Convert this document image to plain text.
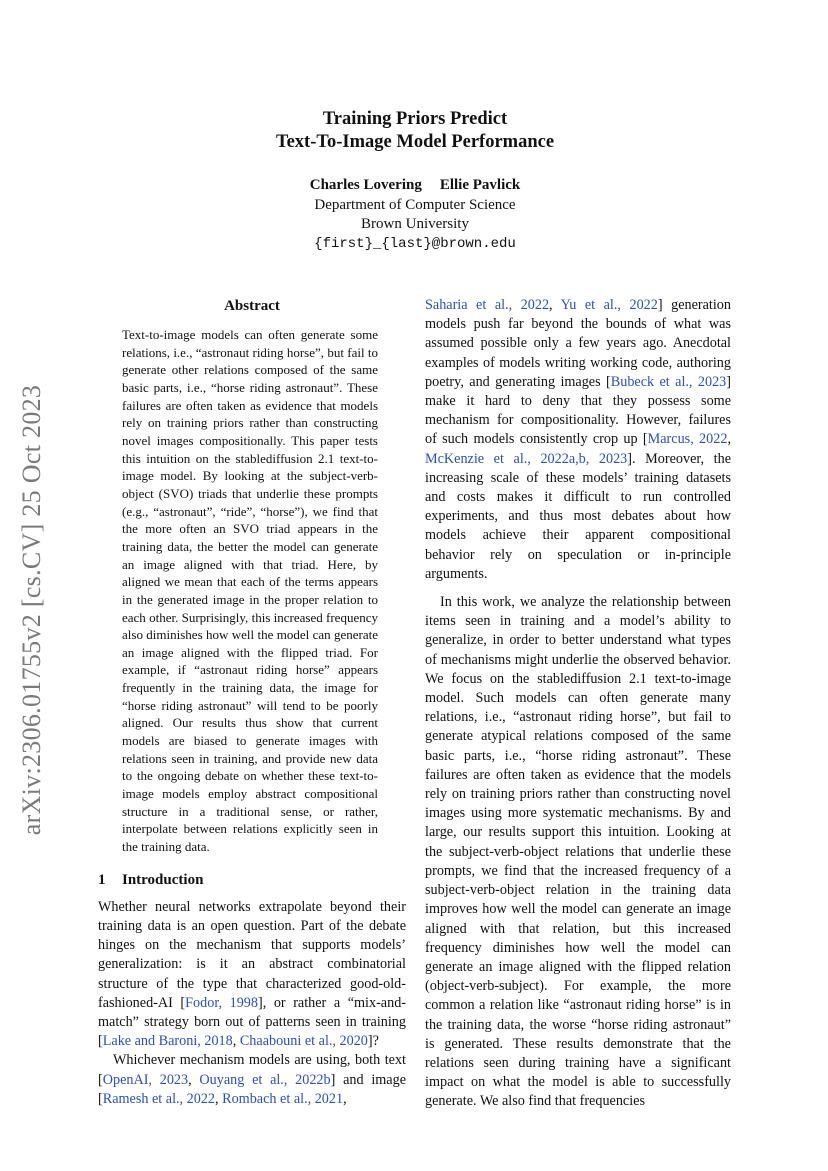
arXiv:2306.01755v2 [cs.CV] 25 Oct 2023
Training Priors Predict
Text-To-Image Model Performance
Charles Lovering Ellie Pavlick
Department of Computer Science
Brown University
{first}_{last}@brown.edu
Abstract

Text-to-image models can often generate some relations, i.e., “astronaut riding horse”, but fail to generate other relations composed of the same basic parts, i.e., “horse riding astronaut”. These failures are often taken as evidence that models rely on training priors rather than constructing novel images compositionally. This paper tests this intuition on the stablediffusion 2.1 text-to-image model. By looking at the subject-verb-object (SVO) triads that underlie these prompts (e.g., “astronaut”, “ride”, “horse”), we find that the more often an SVO triad appears in the training data, the better the model can generate an image aligned with that triad. Here, by aligned we mean that each of the terms appears in the generated image in the proper relation to each other. Surprisingly, this increased frequency also diminishes how well the model can generate an image aligned with the flipped triad. For example, if “astronaut riding horse” appears frequently in the training data, the image for “horse riding astronaut” will tend to be poorly aligned. Our results thus show that current models are biased to generate images with relations seen in training, and provide new data to the ongoing debate on whether these text-to-image models employ abstract compositional structure in a traditional sense, or rather, interpolate between relations explicitly seen in the training data.

1 Introduction

Whether neural networks extrapolate beyond their training data is an open question. Part of the debate hinges on the mechanism that supports models’ generalization: is it an abstract combinatorial structure of the type that characterized good-old-fashioned-AI [Fodor, 1998], or rather a “mix-and-match” strategy born out of patterns seen in training [Lake and Baroni, 2018, Chaabouni et al., 2020]?

Whichever mechanism models are using, both text [OpenAI, 2023, Ouyang et al., 2022b] and image [Ramesh et al., 2022, Rombach et al., 2021,

Saharia et al., 2022, Yu et al., 2022] generation models push far beyond the bounds of what was assumed possible only a few years ago. Anecdotal examples of models writing working code, authoring poetry, and generating images [Bubeck et al., 2023] make it hard to deny that they possess some mechanism for compositionality. However, failures of such models consistently crop up [Marcus, 2022, McKenzie et al., 2022a,b, 2023]. Moreover, the increasing scale of these models’ training datasets and costs makes it difficult to run controlled experiments, and thus most debates about how models achieve their apparent compositional behavior rely on speculation or in-principle arguments.

In this work, we analyze the relationship between items seen in training and a model’s ability to generalize, in order to better understand what types of mechanisms might underlie the observed behavior. We focus on the stablediffusion 2.1 text-to-image model. Such models can often generate many relations, i.e., “astronaut riding horse”, but fail to generate atypical relations composed of the same basic parts, i.e., “horse riding astronaut”. These failures are often taken as evidence that the models rely on training priors rather than constructing novel images using more systematic mechanisms. By and large, our results support this intuition. Looking at the subject-verb-object relations that underlie these prompts, we find that the increased frequency of a subject-verb-object relation in the training data improves how well the model can generate an image aligned with that relation, but this increased frequency diminishes how well the model can generate an image aligned with the flipped relation (object-verb-subject). For example, the more common a relation like “astronaut riding horse” is in the training data, the worse “horse riding astronaut” is generated. These results demonstrate that the relations seen during training have a significant impact on what the model is able to successfully generate. We also find that frequencies
